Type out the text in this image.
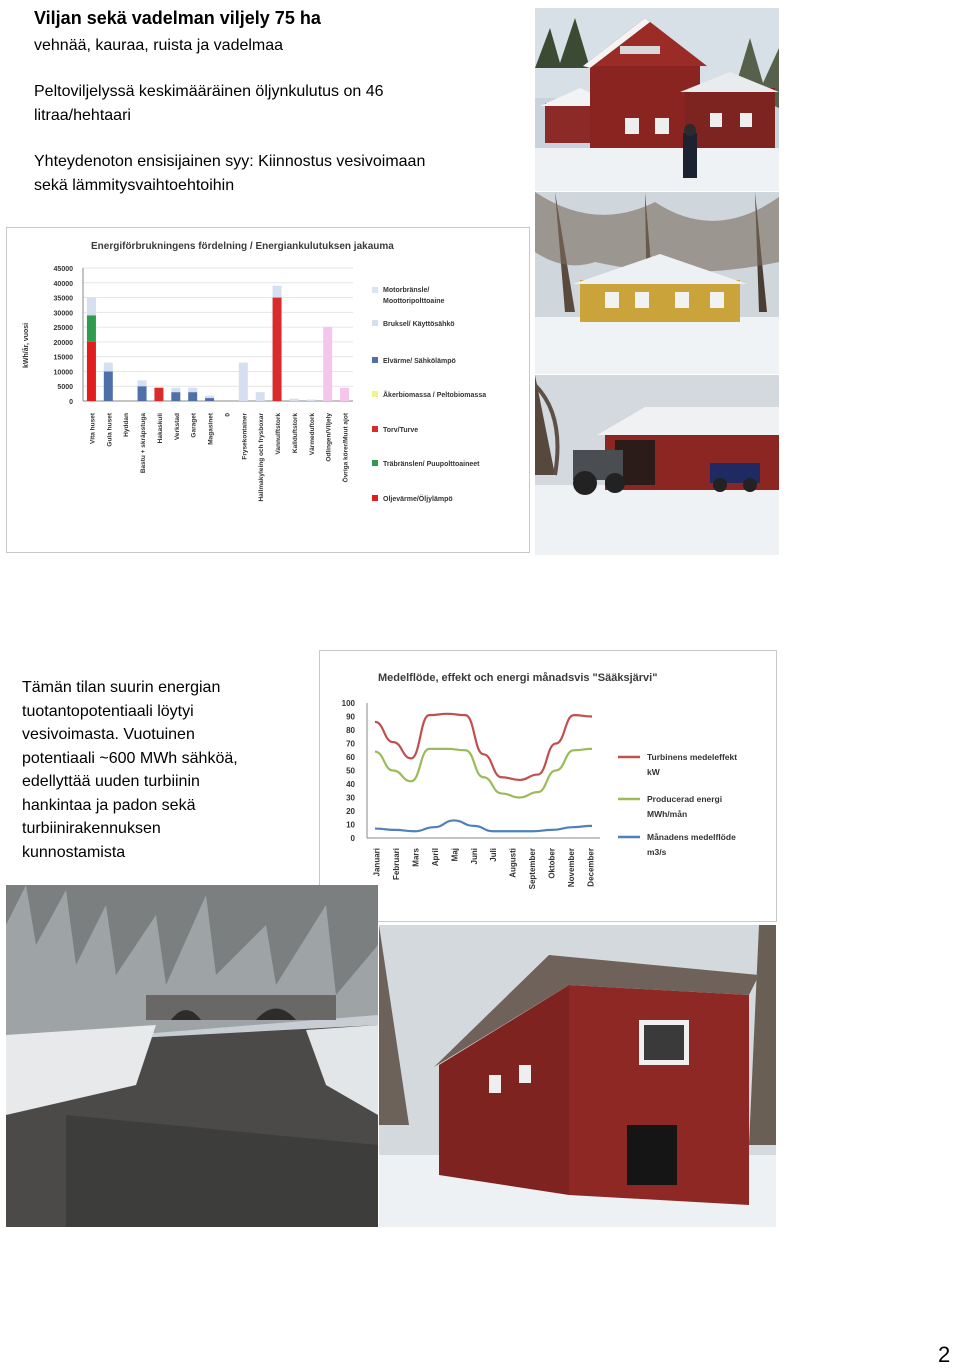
Viljan sekä vadelman viljely 75 ha
vehnää, kauraa, ruista ja vadelmaa
Peltoviljelyssä keskimääräinen öljynkulutus on 46
litraa/hehtaari
Yhteydenoton ensisijainen syy: Kiinnostus vesivoimaan
sekä lämmitysvaihtoehtoihin
Energiförbrukningens fördelning / Energiankulutuksen jakauma
kWh/år, vuosi
45000
40000
35000
30000
25000
20000
15000
10000
5000
0
Vita huset Gula huset Hyddan Bastu + skräpstuga Hakaskuli Verkstad Garaget Magasinet 0 Frysekontainer Hallmakyleing och frysboxar Vannulftstork Kallduftstork Värmeduftork Odlingen/Viljely	Övriga körer/Muut ajot
Motorbränsle/
Moottoripolttoaine
Bruksel/ Käyttösähkö
Elvärme/ Sähkölämpö
Åkerbiomassa / Peltobiomassa
Torv/Turve
Träbränslen/ Puupolttoaineet
Oljevärme/Öljylämpö
Tämän tilan suurin energian
tuotantopotentiaali löytyi
vesivoimasta. Vuotuinen
potentiaali ~600 MWh sähköä,
edellyttää uuden turbiinin
hankintaa ja padon sekä
turbiinirakennuksen
kunnostamista
Medelflöde, effekt och energi månadsvis "Sääksjärvi"
100
90
80
70
60
50
40
30
20
10
0
Januari Februari Mars April Maj Juni Juli Augusti September Oktober November December
Turbinens medeleffekt
kW
Producerad energi
MWh/mån
Månadens medelflöde
m3/s
2
